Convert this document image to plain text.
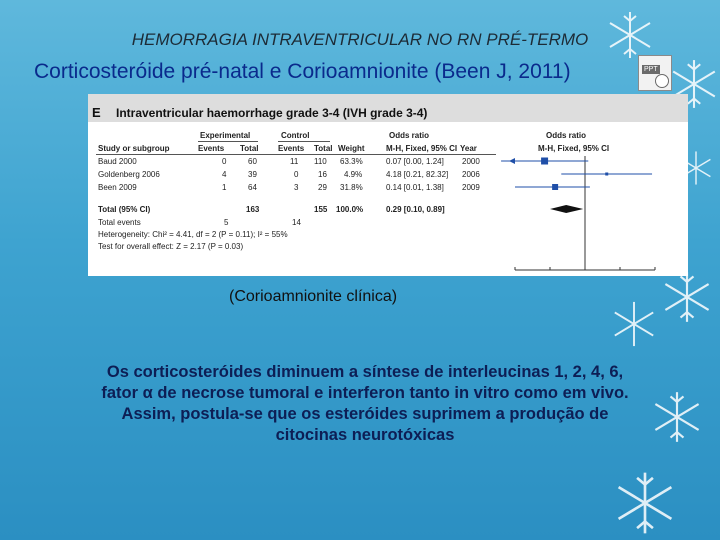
HEMORRAGIA INTRAVENTRICULAR NO RN PRÉ-TERMO
Corticosteróide pré-natal e Corioamnionite (Been J, 2011)	PPT
E Intraventricular haemorrhage grade 3-4 (IVH grade 3-4)
Experimental	Control	Odds ratio	Odds ratio
Study or subgroup	Events Total Events Total Weight	M-H, Fixed, 95% CI Year	M-H, Fixed, 95% CI
Baud 2000	0	60	11 110 63.3%	0.07 [0.00, 1.24] 2000
Goldenberg 2006	4	39	0 16 4.9%	4.18 [0.21, 82.32] 2006
Been 2009	1	64	3 29 31.8%	0.14 [0.01, 1.38] 2009
Total (95% CI)	163	155 100.0%	0.29 [0.10, 0.89]
Total events	5	14
Heterogeneity: Chi² = 4.41, df = 2 (P = 0.11); I² = 55%
Test for overall effect: Z = 2.17 (P = 0.03)
(Corioamnionite clínica)
Os corticosteróides diminuem a síntese de interleucinas 1, 2, 4, 6,
fator α de necrose tumoral e interferon tanto in vitro como em vivo.
Assim, postula-se que os esteróides suprimem a produção de
citocinas neurotóxicas
